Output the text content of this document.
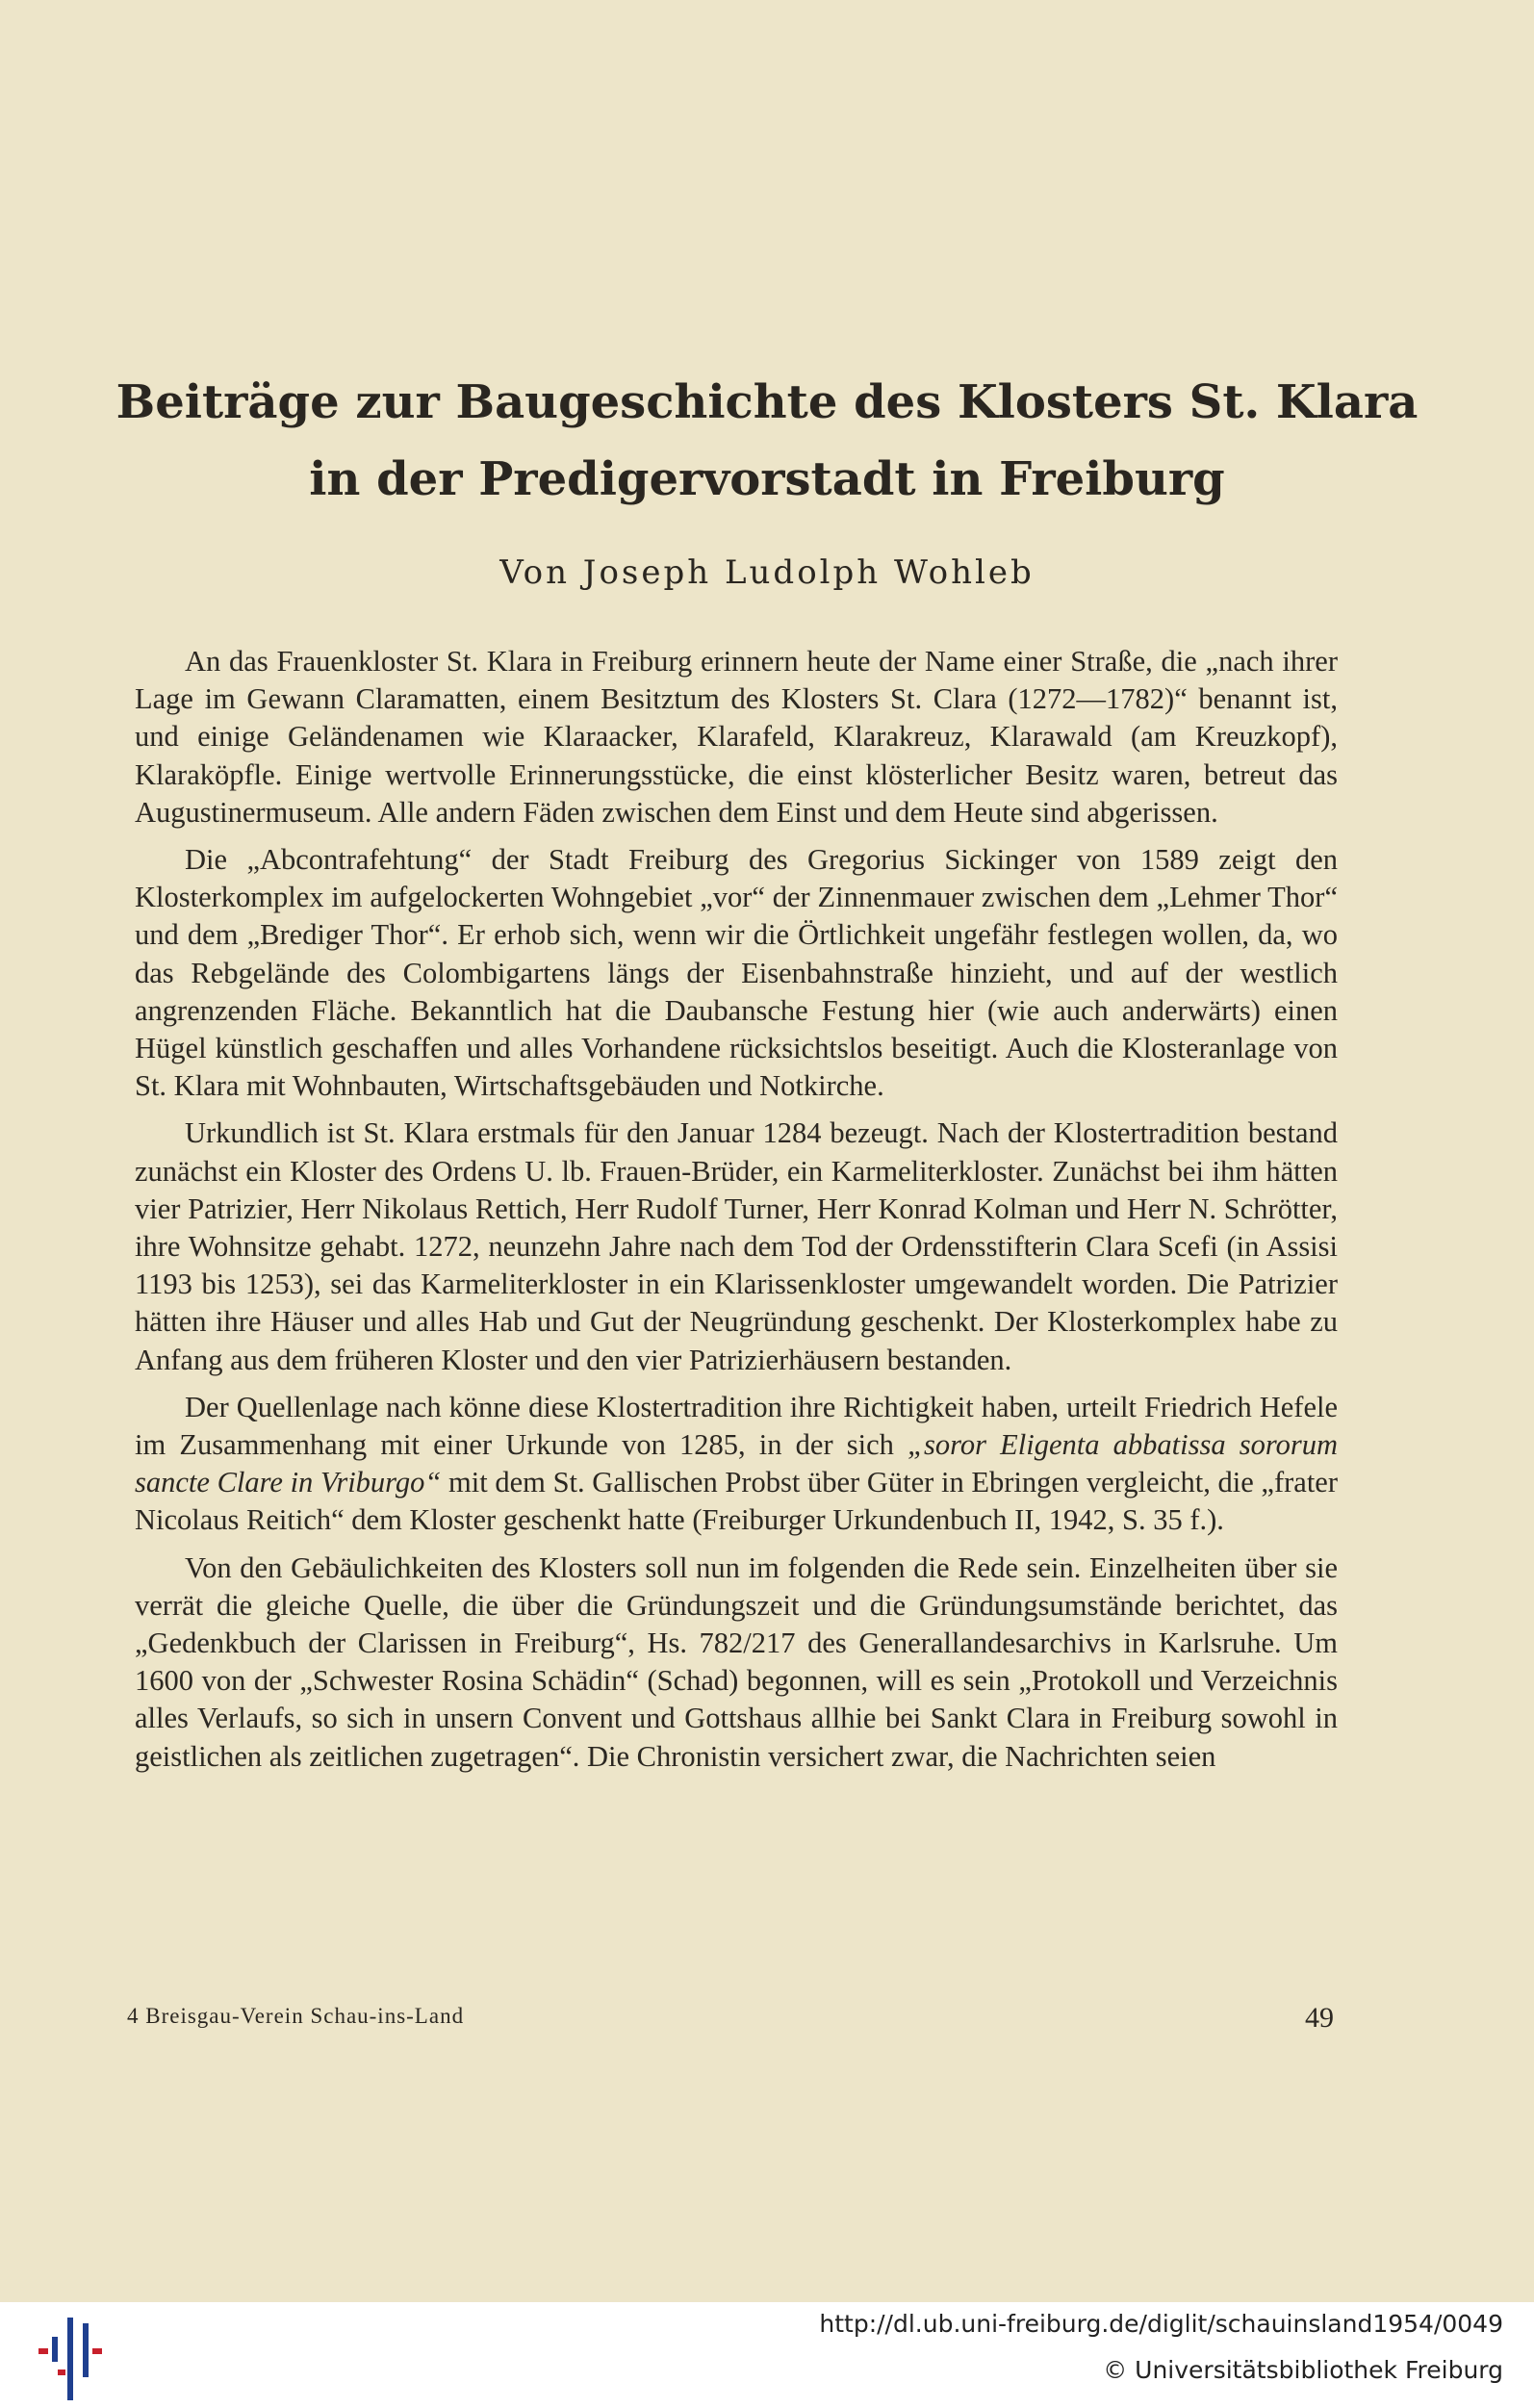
Beiträge zur Baugeschichte des Klosters St. Klara
in der Predigervorstadt in Freiburg
Von Joseph Ludolph Wohleb

An das Frauenkloster St. Klara in Freiburg erinnern heute der Name einer Straße, die „nach ihrer Lage im Gewann Claramatten, einem Besitztum des Klosters St. Clara (1272—1782)“ benannt ist, und einige Geländenamen wie Klaraacker, Klarafeld, Klarakreuz, Klarawald (am Kreuzkopf), Klaraköpfle. Einige wertvolle Erinnerungsstücke, die einst klösterlicher Besitz waren, betreut das Augustinermuseum. Alle andern Fäden zwischen dem Einst und dem Heute sind abgerissen.

Die „Abcontrafehtung“ der Stadt Freiburg des Gregorius Sickinger von 1589 zeigt den Klosterkomplex im aufgelockerten Wohngebiet „vor“ der Zinnenmauer zwischen dem „Lehmer Thor“ und dem „Brediger Thor“. Er erhob sich, wenn wir die Örtlichkeit ungefähr festlegen wollen, da, wo das Rebgelände des Colombigartens längs der Eisenbahnstraße hinzieht, und auf der westlich angrenzenden Fläche. Bekanntlich hat die Daubansche Festung hier (wie auch anderwärts) einen Hügel künstlich geschaffen und alles Vorhandene rücksichtslos beseitigt. Auch die Klosteranlage von St. Klara mit Wohnbauten, Wirtschaftsgebäuden und Notkirche.

Urkundlich ist St. Klara erstmals für den Januar 1284 bezeugt. Nach der Klostertradition bestand zunächst ein Kloster des Ordens U. lb. Frauen-Brüder, ein Karmeliterkloster. Zunächst bei ihm hätten vier Patrizier, Herr Nikolaus Rettich, Herr Rudolf Turner, Herr Konrad Kolman und Herr N. Schrötter, ihre Wohnsitze gehabt. 1272, neunzehn Jahre nach dem Tod der Ordensstifterin Clara Scefi (in Assisi 1193 bis 1253), sei das Karmeliterkloster in ein Klarissenkloster umgewandelt worden. Die Patrizier hätten ihre Häuser und alles Hab und Gut der Neugründung geschenkt. Der Klosterkomplex habe zu Anfang aus dem früheren Kloster und den vier Patrizierhäusern bestanden.

Der Quellenlage nach könne diese Klostertradition ihre Richtigkeit haben, urteilt Friedrich Hefele im Zusammenhang mit einer Urkunde von 1285, in der sich „soror Eligenta abbatissa sororum sancte Clare in Vriburgo“ mit dem St. Gallischen Probst über Güter in Ebringen vergleicht, die „frater Nicolaus Reitich“ dem Kloster geschenkt hatte (Freiburger Urkundenbuch II, 1942, S. 35 f.).

Von den Gebäulichkeiten des Klosters soll nun im folgenden die Rede sein. Einzelheiten über sie verrät die gleiche Quelle, die über die Gründungszeit und die Gründungsumstände berichtet, das „Gedenkbuch der Clarissen in Freiburg“, Hs. 782/217 des Generallandesarchivs in Karlsruhe. Um 1600 von der „Schwester Rosina Schädin“ (Schad) begonnen, will es sein „Protokoll und Verzeichnis alles Verlaufs, so sich in unsern Convent und Gottshaus allhie bei Sankt Clara in Freiburg sowohl in geistlichen als zeitlichen zugetragen“. Die Chronistin versichert zwar, die Nachrichten seien

4 Breisgau-Verein Schau-ins-Land	49
http://dl.ub.uni-freiburg.de/diglit/schauinsland1954/0049
© Universitätsbibliothek Freiburg
